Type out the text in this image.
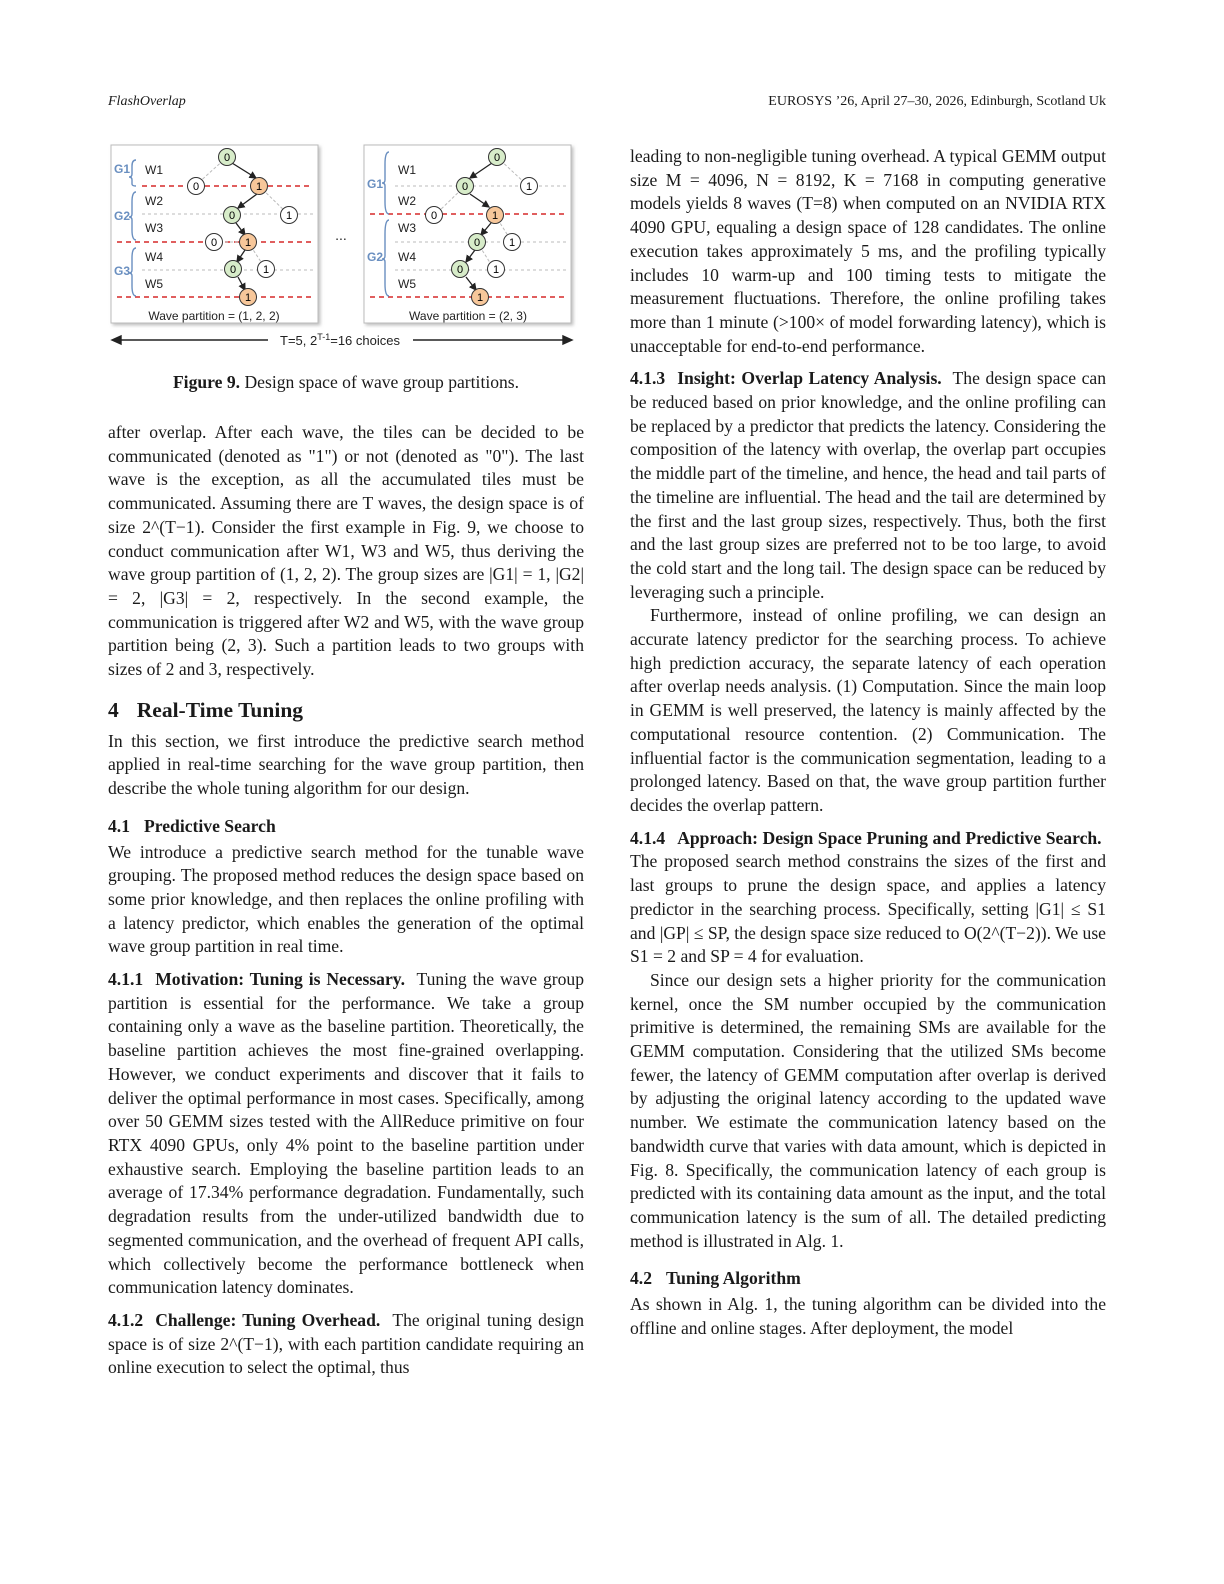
FlashOverlap	EUROSYS ’26, April 27–30, 2026, Edinburgh, Scotland Uk
G1
G2
G3
W1
W2
W3
W4
W5
0
0	1
0	1
0	1
0 1
1
Wave partition = (1, 2, 2)
...
G1
G2
W1
W2
W3
W4
W5
0
0	1
0	1
0	1
0	1
1
Wave partition = (2, 3)
T=5, $2^{T-1}=16$ choices
Figure 9. Design space of wave group partitions.

after overlap. After each wave, the tiles can be decided to be communicated (denoted as "1") or not (denoted as "0"). The last wave is the exception, as all the accumulated tiles must be communicated. Assuming there are T waves, the design space is of size 2^(T−1). Consider the first example in Fig. 9, we choose to conduct communication after W1, W3 and W5, thus deriving the wave group partition of (1, 2, 2). The group sizes are |G1| = 1, |G2| = 2, |G3| = 2, respectively. In the second example, the communication is triggered after W2 and W5, with the wave group partition being (2, 3). Such a partition leads to two groups with sizes of 2 and 3, respectively.

4 Real-Time Tuning

In this section, we first introduce the predictive search method applied in real-time searching for the wave group partition, then describe the whole tuning algorithm for our design.

4.1 Predictive Search

We introduce a predictive search method for the tunable wave grouping. The proposed method reduces the design space based on some prior knowledge, and then replaces the online profiling with a latency predictor, which enables the generation of the optimal wave group partition in real time.

4.1.1 Motivation: Tuning is Necessary. Tuning the wave group partition is essential for the performance. We take a group containing only a wave as the baseline partition. Theoretically, the baseline partition achieves the most fine-grained overlapping. However, we conduct experiments and discover that it fails to deliver the optimal performance in most cases. Specifically, among over 50 GEMM sizes tested with the AllReduce primitive on four RTX 4090 GPUs, only 4% point to the baseline partition under exhaustive search. Employing the baseline partition leads to an average of 17.34% performance degradation. Fundamentally, such degradation results from the under-utilized bandwidth due to segmented communication, and the overhead of frequent API calls, which collectively become the performance bottleneck when communication latency dominates.

4.1.2 Challenge: Tuning Overhead. The original tuning design space is of size 2^(T−1), with each partition candidate requiring an online execution to select the optimal, thus

leading to non-negligible tuning overhead. A typical GEMM output size M = 4096, N = 8192, K = 7168 in computing generative models yields 8 waves (T=8) when computed on an NVIDIA RTX 4090 GPU, equaling a design space of 128 candidates. The online execution takes approximately 5 ms, and the profiling typically includes 10 warm-up and 100 timing tests to mitigate the measurement fluctuations. Therefore, the online profiling takes more than 1 minute (>100× of model forwarding latency), which is unacceptable for end-to-end performance.

4.1.3 Insight: Overlap Latency Analysis. The design space can be reduced based on prior knowledge, and the online profiling can be replaced by a predictor that predicts the latency. Considering the composition of the latency with overlap, the overlap part occupies the middle part of the timeline, and hence, the head and tail parts of the timeline are influential. The head and the tail are determined by the first and the last group sizes, respectively. Thus, both the first and the last group sizes are preferred not to be too large, to avoid the cold start and the long tail. The design space can be reduced by leveraging such a principle.

Furthermore, instead of online profiling, we can design an accurate latency predictor for the searching process. To achieve high prediction accuracy, the separate latency of each operation after overlap needs analysis. (1) Computation. Since the main loop in GEMM is well preserved, the latency is mainly affected by the computational resource contention. (2) Communication. The influential factor is the communication segmentation, leading to a prolonged latency. Based on that, the wave group partition further decides the overlap pattern.

4.1.4 Approach: Design Space Pruning and Predictive Search.  The proposed search method constrains the sizes of the first and last groups to prune the design space, and applies a latency predictor in the searching process. Specifically, setting |G1| ≤ S1 and |GP| ≤ SP, the design space size reduced to O(2^(T−2)). We use S1 = 2 and SP = 4 for evaluation.

Since our design sets a higher priority for the communication kernel, once the SM number occupied by the communication primitive is determined, the remaining SMs are available for the GEMM computation. Considering that the utilized SMs become fewer, the latency of GEMM computation after overlap is derived by adjusting the original latency according to the updated wave number. We estimate the communication latency based on the bandwidth curve that varies with data amount, which is depicted in Fig. 8. Specifically, the communication latency of each group is predicted with its containing data amount as the input, and the total communication latency is the sum of all. The detailed predicting method is illustrated in Alg. 1.

4.2 Tuning Algorithm

As shown in Alg. 1, the tuning algorithm can be divided into the offline and online stages. After deployment, the model
